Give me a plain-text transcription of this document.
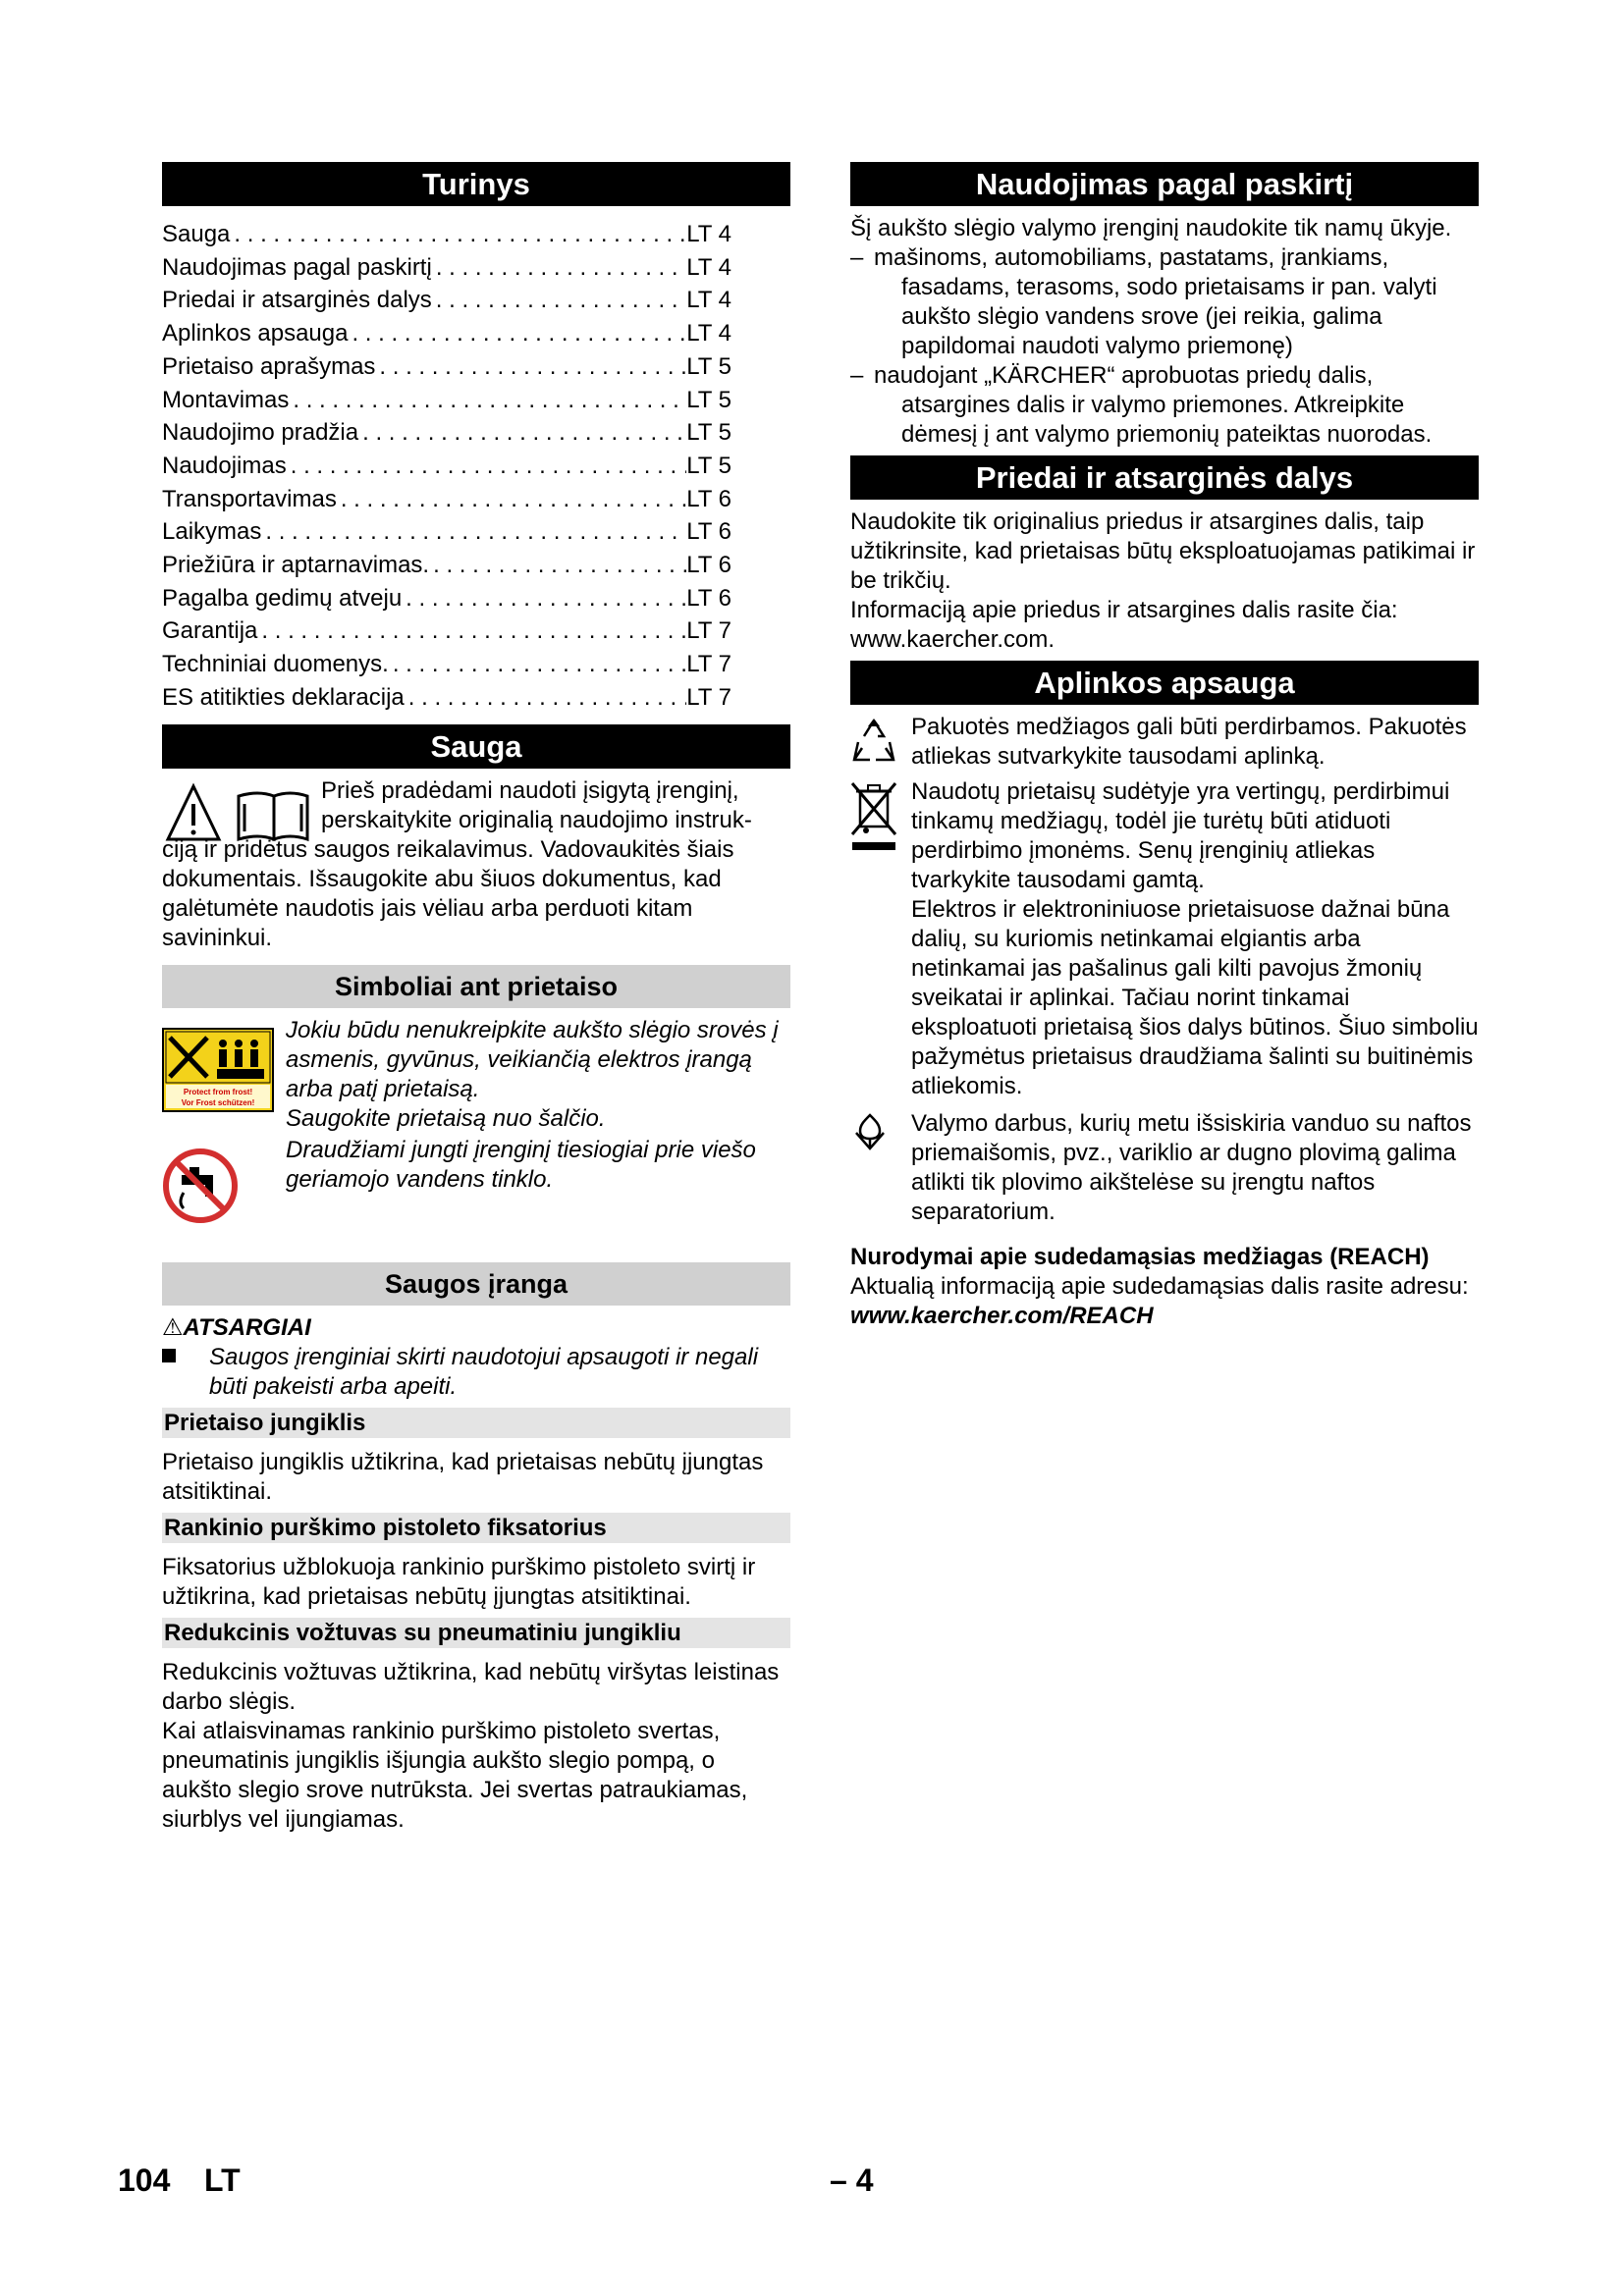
Turinys
Sauga . . .	LT 4
Naudojimas pagal paskirtį . . .	LT 4
Priedai ir atsarginės dalys . . .	LT 4
Aplinkos apsauga . . .	LT 4
Prietaiso aprašymas . . .	LT 5
Montavimas . . .	LT 5
Naudojimo pradžia . . .	LT 5
Naudojimas . . .	LT 5
Transportavimas . . .	LT 6
Laikymas . . .	LT 6
Priežiūra ir aptarnavimas. . . .	LT 6
Pagalba gedimų atveju . . .	LT 6
Garantija . . .	LT 7
Techniniai duomenys. . . .	LT 7
ES atitikties deklaracija . . .	LT 7
Sauga

Prieš pradėdami naudoti įsigytą įrenginį,

perskaitykite originalią naudojimo instruk-

ciją ir pridėtus saugos reikalavimus. Vadovaukitės šiais dokumentais. Išsaugokite abu šiuos dokumentus, kad galėtumėte naudotis jais vėliau arba perduoti kitam savininkui.

Simboliai ant prietaiso
Protect from frost!
Vor Frost schützen!

Jokiu būdu nenukreipkite aukšto slėgio srovės į asmenis, gyvūnus, veikiančią elektros įrangą arba patį prietaisą.

Saugokite prietaisą nuo šalčio.

Draudžiami jungti įrenginį tiesiogiai prie viešo geriamojo vandens tinklo.

Saugos įranga

⚠ATSARGIAI

Saugos įrenginiai skirti naudotojui apsaugoti ir negali būti pakeisti arba apeiti.

Prietaiso jungiklis

Prietaiso jungiklis užtikrina, kad prietaisas nebūtų įjungtas atsitiktinai.

Rankinio purškimo pistoleto fiksatorius

Fiksatorius užblokuoja rankinio purškimo pistoleto svirtį ir užtikrina, kad prietaisas nebūtų įjungtas atsitiktinai.

Redukcinis vožtuvas su pneumatiniu jungikliu

Redukcinis vožtuvas užtikrina, kad nebūtų viršytas leistinas darbo slėgis.

Kai atlaisvinamas rankinio purškimo pistoleto svertas, pneumatinis jungiklis išjungia aukšto slegio pompą, o aukšto slegio srove nutrūksta. Jei svertas patraukiamas, siurblys vel ijungiamas.

Naudojimas pagal paskirtį

Šį aukšto slėgio valymo įrenginį naudokite tik namų ūkyje.

– mašinoms, automobiliams, pastatams, įrankiams, fasadams, terasoms, sodo prietaisams ir pan. valyti aukšto slėgio vandens srove (jei reikia, galima papildomai naudoti valymo priemonę)

– naudojant „KÄRCHER“ aprobuotas priedų dalis, atsargines dalis ir valymo priemones. Atkreipkite dėmesį į ant valymo priemonių pateiktas nuorodas.

Priedai ir atsarginės dalys

Naudokite tik originalius priedus ir atsargines dalis, taip užtikrinsite, kad prietaisas būtų eksploatuojamas patikimai ir be trikčių.

Informaciją apie priedus ir atsargines dalis rasite čia: www.kaercher.com.

Aplinkos apsauga

Pakuotės medžiagos gali būti perdirbamos. Pakuotės atliekas sutvarkykite tausodami aplinką.

Naudotų prietaisų sudėtyje yra vertingų, perdirbimui tinkamų medžiagų, todėl jie turėtų būti atiduoti perdirbimo įmonėms. Senų įrenginių atliekas tvarkykite tausodami gamtą.

Elektros ir elektroniniuose prietaisuose dažnai būna dalių, su kuriomis netinkamai elgiantis arba netinkamai jas pašalinus gali kilti pavojus žmonių sveikatai ir aplinkai. Tačiau norint tinkamai eksploatuoti prietaisą šios dalys būtinos. Šiuo simboliu pažymėtus prietaisus draudžiama šalinti su buitinėmis atliekomis.

Valymo darbus, kurių metu išsiskiria vanduo su naftos priemaišomis, pvz., variklio ar dugno plovimą galima atlikti tik plovimo aikštelėse su įrengtu naftos separatorium.

Nurodymai apie sudedamąsias medžiagas (REACH)

Aktualią informaciją apie sudedamąsias dalis rasite adresu:

www.kaercher.com/REACH

104 LT	– 4
